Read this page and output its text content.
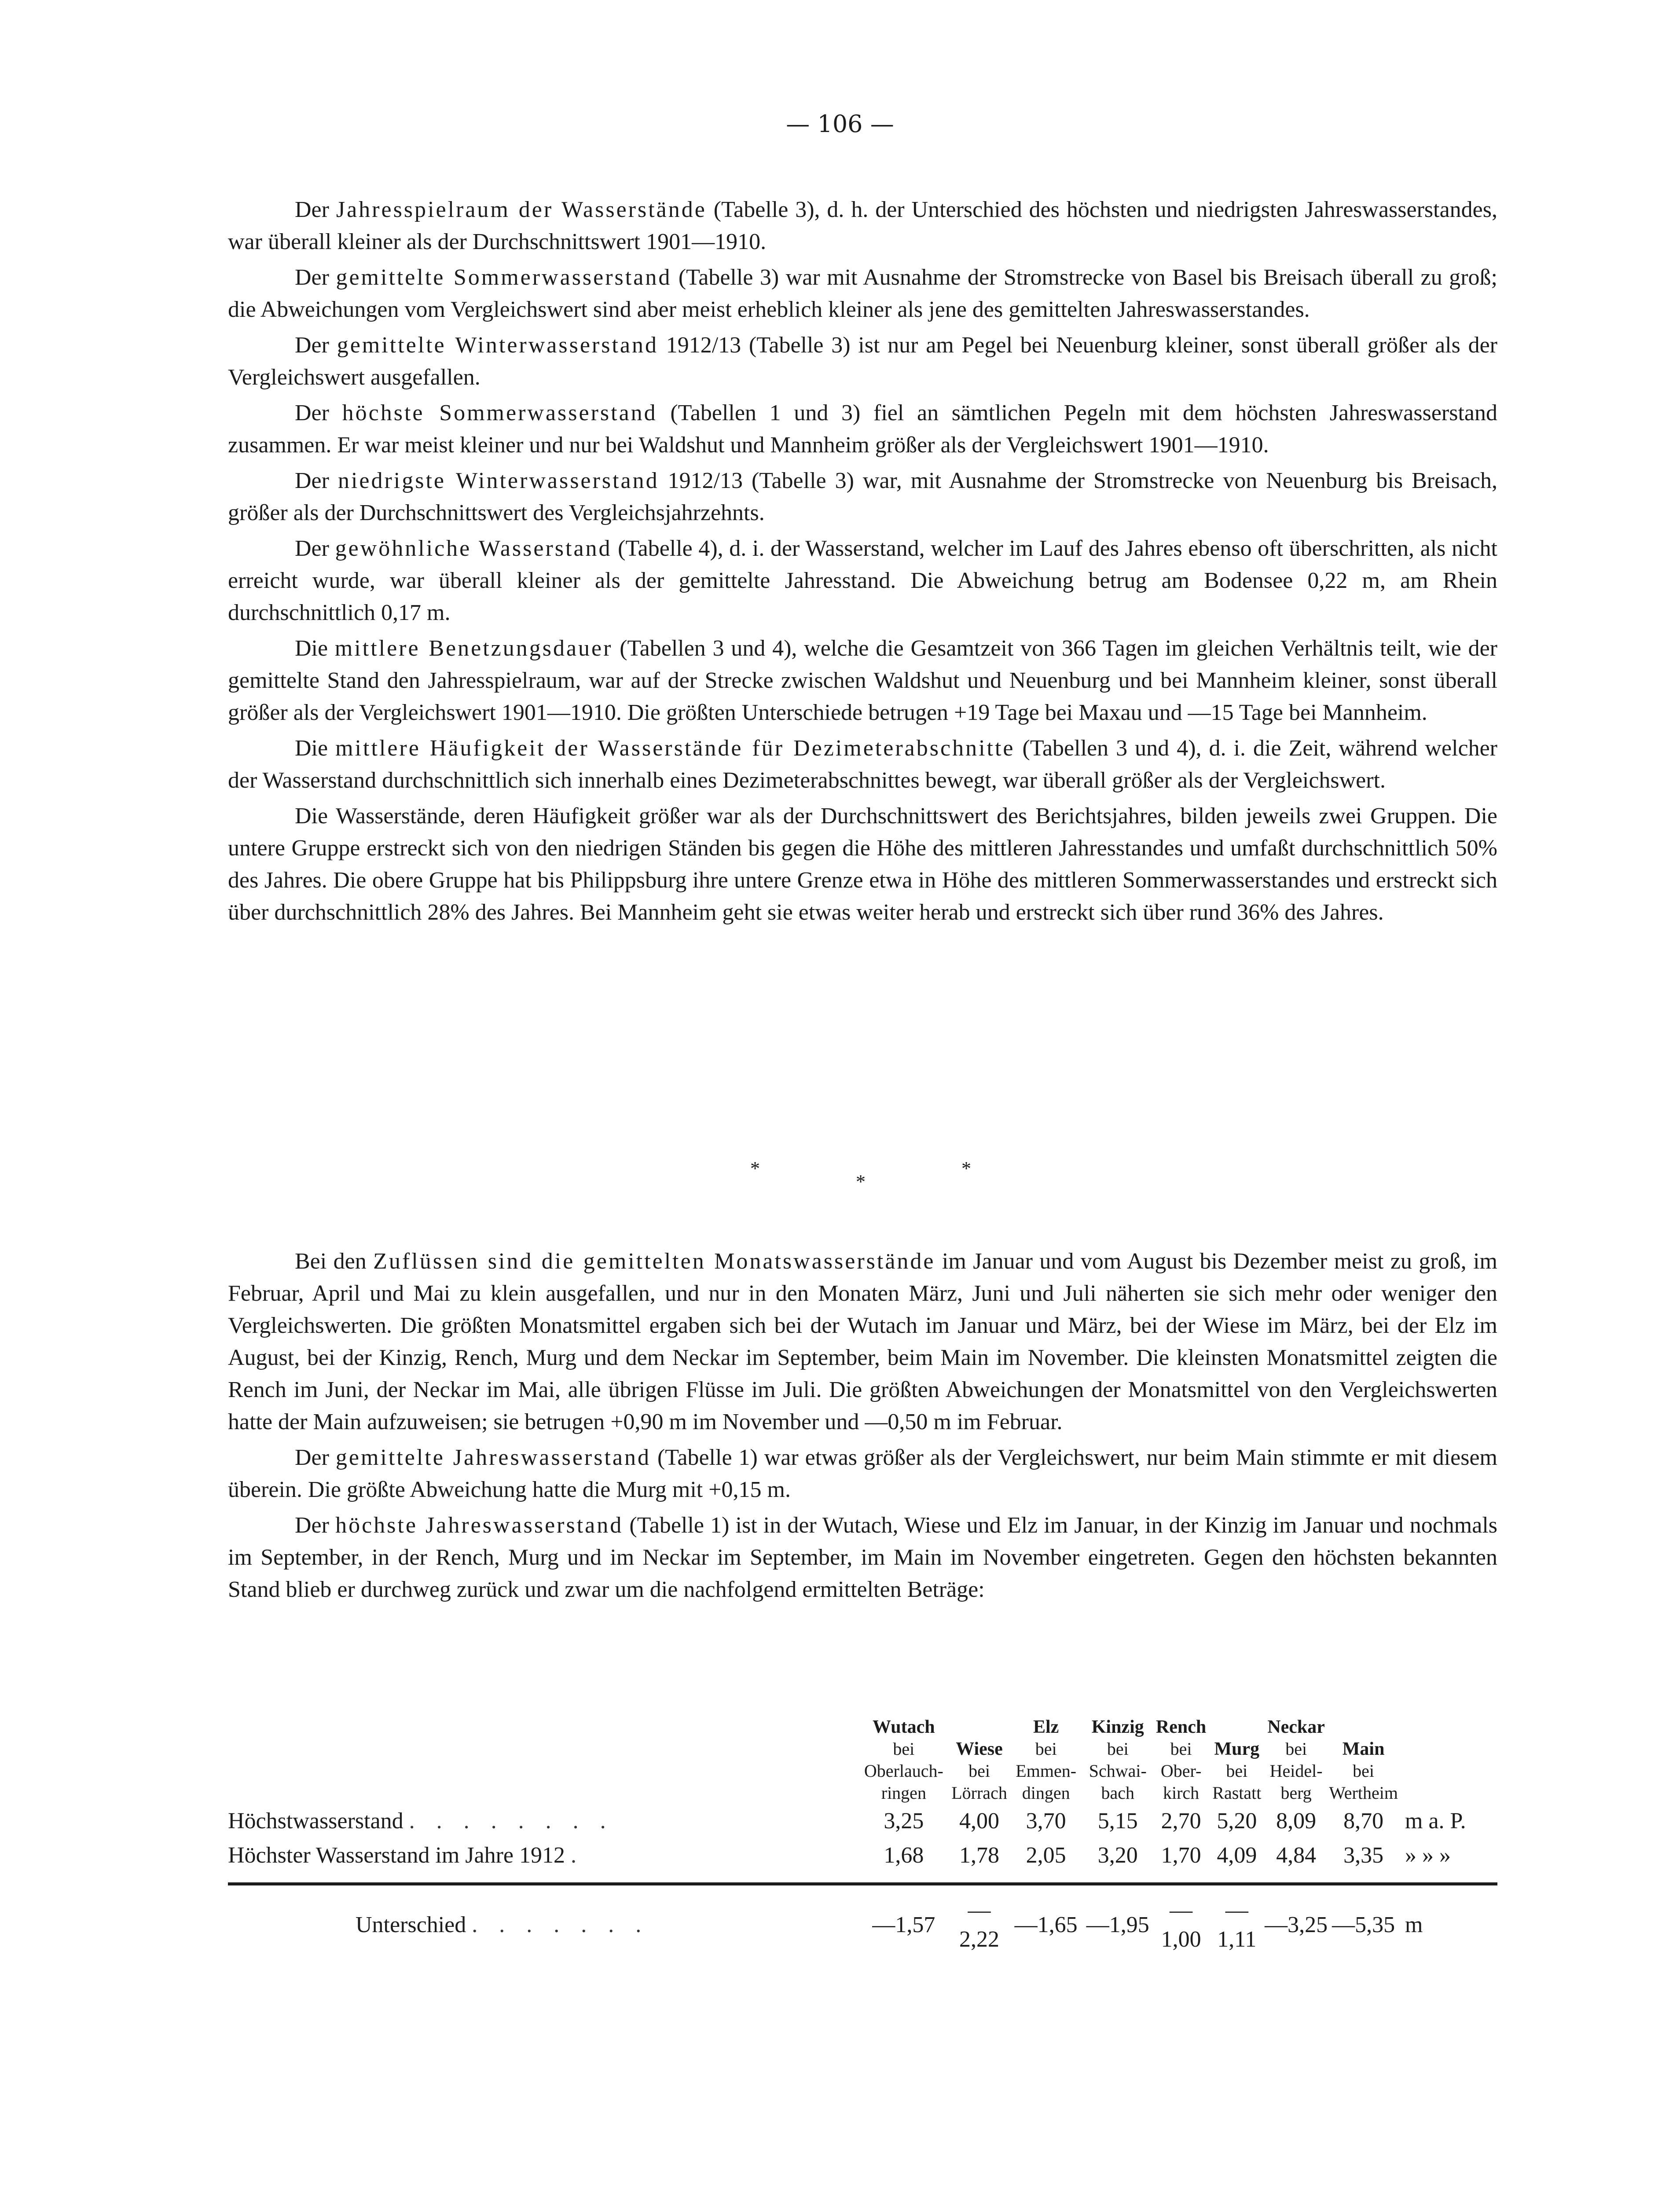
— 106 —

Der Jahresspielraum der Wasserstände (Tabelle 3), d. h. der Unterschied des höchsten und niedrigsten Jahreswasserstandes, war überall kleiner als der Durchschnittswert 1901—1910.

Der gemittelte Sommerwasserstand (Tabelle 3) war mit Ausnahme der Stromstrecke von Basel bis Breisach überall zu groß; die Abweichungen vom Vergleichswert sind aber meist erheblich kleiner als jene des gemittelten Jahreswasserstandes.

Der gemittelte Winterwasserstand 1912/13 (Tabelle 3) ist nur am Pegel bei Neuenburg kleiner, sonst überall größer als der Vergleichswert ausgefallen.

Der höchste Sommerwasserstand (Tabellen 1 und 3) fiel an sämtlichen Pegeln mit dem höchsten Jahreswasserstand zusammen. Er war meist kleiner und nur bei Waldshut und Mannheim größer als der Vergleichswert 1901—1910.

Der niedrigste Winterwasserstand 1912/13 (Tabelle 3) war, mit Ausnahme der Stromstrecke von Neuenburg bis Breisach, größer als der Durchschnittswert des Vergleichsjahrzehnts.

Der gewöhnliche Wasserstand (Tabelle 4), d. i. der Wasserstand, welcher im Lauf des Jahres ebenso oft überschritten, als nicht erreicht wurde, war überall kleiner als der gemittelte Jahresstand. Die Abweichung betrug am Bodensee 0,22 m, am Rhein durchschnittlich 0,17 m.

Die mittlere Benetzungsdauer (Tabellen 3 und 4), welche die Gesamtzeit von 366 Tagen im gleichen Verhältnis teilt, wie der gemittelte Stand den Jahresspielraum, war auf der Strecke zwischen Waldshut und Neuenburg und bei Mannheim kleiner, sonst überall größer als der Vergleichswert 1901—1910. Die größten Unterschiede betrugen +19 Tage bei Maxau und —15 Tage bei Mannheim.

Die mittlere Häufigkeit der Wasserstände für Dezimeterabschnitte (Tabellen 3 und 4), d. i. die Zeit, während welcher der Wasserstand durchschnittlich sich innerhalb eines Dezimeterabschnittes bewegt, war überall größer als der Vergleichswert.

Die Wasserstände, deren Häufigkeit größer war als der Durchschnittswert des Berichtsjahres, bilden jeweils zwei Gruppen. Die untere Gruppe erstreckt sich von den niedrigen Ständen bis gegen die Höhe des mittleren Jahresstandes und umfaßt durchschnittlich 50% des Jahres. Die obere Gruppe hat bis Philippsburg ihre untere Grenze etwa in Höhe des mittleren Sommerwasserstandes und erstreckt sich über durchschnittlich 28% des Jahres. Bei Mannheim geht sie etwas weiter herab und erstreckt sich über rund 36% des Jahres.

*
*
*

Bei den Zuflüssen sind die gemittelten Monatswasserstände im Januar und vom August bis Dezember meist zu groß, im Februar, April und Mai zu klein ausgefallen, und nur in den Monaten März, Juni und Juli näherten sie sich mehr oder weniger den Vergleichswerten. Die größten Monatsmittel ergaben sich bei der Wutach im Januar und März, bei der Wiese im März, bei der Elz im August, bei der Kinzig, Rench, Murg und dem Neckar im September, beim Main im November. Die kleinsten Monatsmittel zeigten die Rench im Juni, der Neckar im Mai, alle übrigen Flüsse im Juli. Die größten Abweichungen der Monatsmittel von den Vergleichswerten hatte der Main aufzuweisen; sie betrugen +0,90 m im November und —0,50 m im Februar.

Der gemittelte Jahreswasserstand (Tabelle 1) war etwas größer als der Vergleichswert, nur beim Main stimmte er mit diesem überein. Die größte Abweichung hatte die Murg mit +0,15 m.

Der höchste Jahreswasserstand (Tabelle 1) ist in der Wutach, Wiese und Elz im Januar, in der Kinzig im Januar und nochmals im September, in der Rench, Murg und im Neckar im September, im Main im November eingetreten. Gegen den höchsten bekannten Stand blieb er durchweg zurück und zwar um die nachfolgend ermittelten Beträge:

	Wutach
bei
Oberlauch-ringen	Wiese
bei
Lörrach	Elz
bei
Emmen-dingen	Kinzig
bei
Schwai-bach	Rench
bei
Ober-kirch	Murg
bei
Rastatt	Neckar
bei
Heidel-berg	Main
bei
Wertheim	

Höchstwasserstand . . . . . . . .	3,25	4,00	3,70	5,15	2,70	5,20	8,09	8,70	m a. P.
Höchster Wasserstand im Jahre 1912 .	1,68	1,78	2,05	3,20	1,70	4,09	4,84	3,35	» » »

Unterschied . . . . . . .	—1,57	—2,22	—1,65	—1,95	—1,00	—1,11	—3,25	—5,35	m
